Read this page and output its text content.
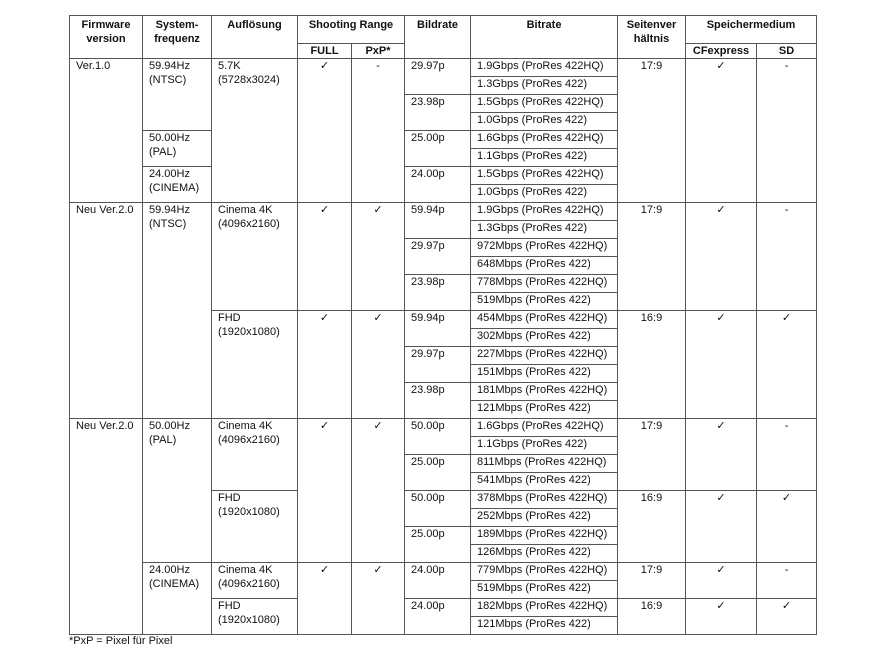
Firmware version	System-frequenz	Auflösung	Shooting Range		Bildrate	Bitrate	Seitenver hältnis	Speichermedium	
			FULL	PxP*				CFexpress	SD
Ver.1.0	59.94Hz (NTSC)	5.7K (5728x3024)	✓	-	29.97p	1.9Gbps (ProRes 422HQ)	17:9	✓	-
						1.3Gbps (ProRes 422)			
					23.98p	1.5Gbps (ProRes 422HQ)			
						1.0Gbps (ProRes 422)			
	50.00Hz (PAL)				25.00p	1.6Gbps (ProRes 422HQ)			
						1.1Gbps (ProRes 422)			
	24.00Hz (CINEMA)				24.00p	1.5Gbps (ProRes 422HQ)			
						1.0Gbps (ProRes 422)			
Neu Ver.2.0	59.94Hz (NTSC)	Cinema 4K (4096x2160)	✓	✓	59.94p	1.9Gbps (ProRes 422HQ)	17:9	✓	-
						1.3Gbps (ProRes 422)			
					29.97p	972Mbps (ProRes 422HQ)			
						648Mbps (ProRes 422)			
					23.98p	778Mbps (ProRes 422HQ)			
						519Mbps (ProRes 422)			
		FHD (1920x1080)	✓	✓	59.94p	454Mbps (ProRes 422HQ)	16:9	✓	✓
						302Mbps (ProRes 422)			
					29.97p	227Mbps (ProRes 422HQ)			
						151Mbps (ProRes 422)			
					23.98p	181Mbps (ProRes 422HQ)			
						121Mbps (ProRes 422)			
Neu Ver.2.0	50.00Hz (PAL)	Cinema 4K (4096x2160)	✓	✓	50.00p	1.6Gbps (ProRes 422HQ)	17:9	✓	-
						1.1Gbps (ProRes 422)			
					25.00p	811Mbps (ProRes 422HQ)			
						541Mbps (ProRes 422)			
		FHD (1920x1080)			50.00p	378Mbps (ProRes 422HQ)	16:9	✓	✓
						252Mbps (ProRes 422)			
					25.00p	189Mbps (ProRes 422HQ)			
						126Mbps (ProRes 422)			
	24.00Hz (CINEMA)	Cinema 4K (4096x2160)	✓	✓	24.00p	779Mbps (ProRes 422HQ)	17:9	✓	-
						519Mbps (ProRes 422)			
		FHD (1920x1080)			24.00p	182Mbps (ProRes 422HQ)	16:9	✓	✓
						121Mbps (ProRes 422)			
*PxP = Pixel für Pixel
